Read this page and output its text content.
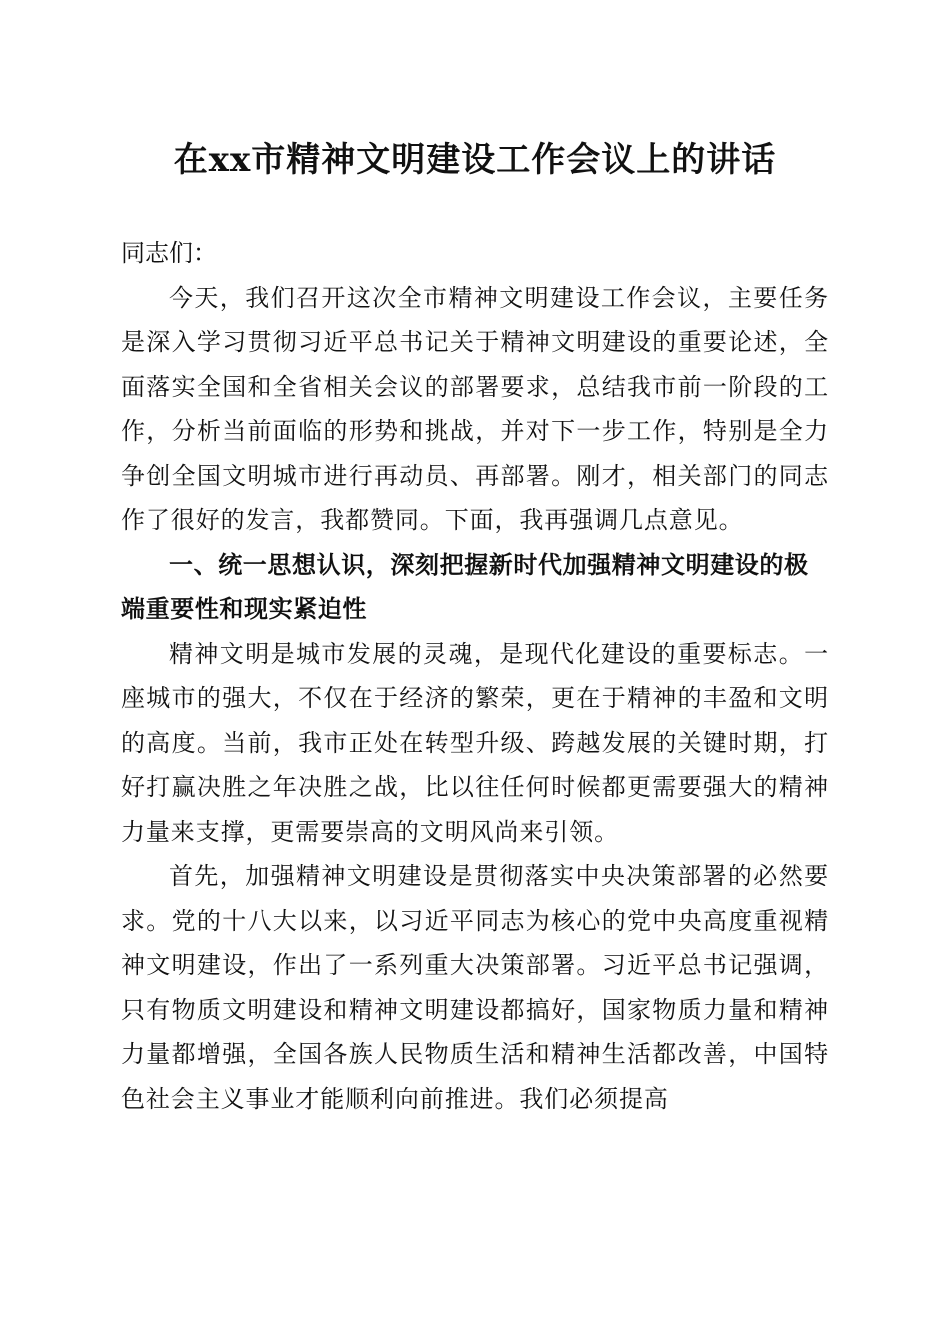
在xx市精神文明建设工作会议上的讲话

同志们：

今天，我们召开这次全市精神文明建设工作会议，主要任务是深入学习贯彻习近平总书记关于精神文明建设的重要论述，全面落实全国和全省相关会议的部署要求，总结我市前一阶段的工作，分析当前面临的形势和挑战，并对下一步工作，特别是全力争创全国文明城市进行再动员、再部署。刚才，相关部门的同志作了很好的发言，我都赞同。下面，我再强调几点意见。

一、统一思想认识，深刻把握新时代加强精神文明建设的极端重要性和现实紧迫性

精神文明是城市发展的灵魂，是现代化建设的重要标志。一座城市的强大，不仅在于经济的繁荣，更在于精神的丰盈和文明的高度。当前，我市正处在转型升级、跨越发展的关键时期，打好打赢决胜之年决胜之战，比以往任何时候都更需要强大的精神力量来支撑，更需要崇高的文明风尚来引领。

首先，加强精神文明建设是贯彻落实中央决策部署的必然要求。党的十八大以来，以习近平同志为核心的党中央高度重视精神文明建设，作出了一系列重大决策部署。习近平总书记强调，只有物质文明建设和精神文明建设都搞好，国家物质力量和精神力量都增强，全国各族人民物质生活和精神生活都改善，中国特色社会主义事业才能顺利向前推进。我们必须提高
